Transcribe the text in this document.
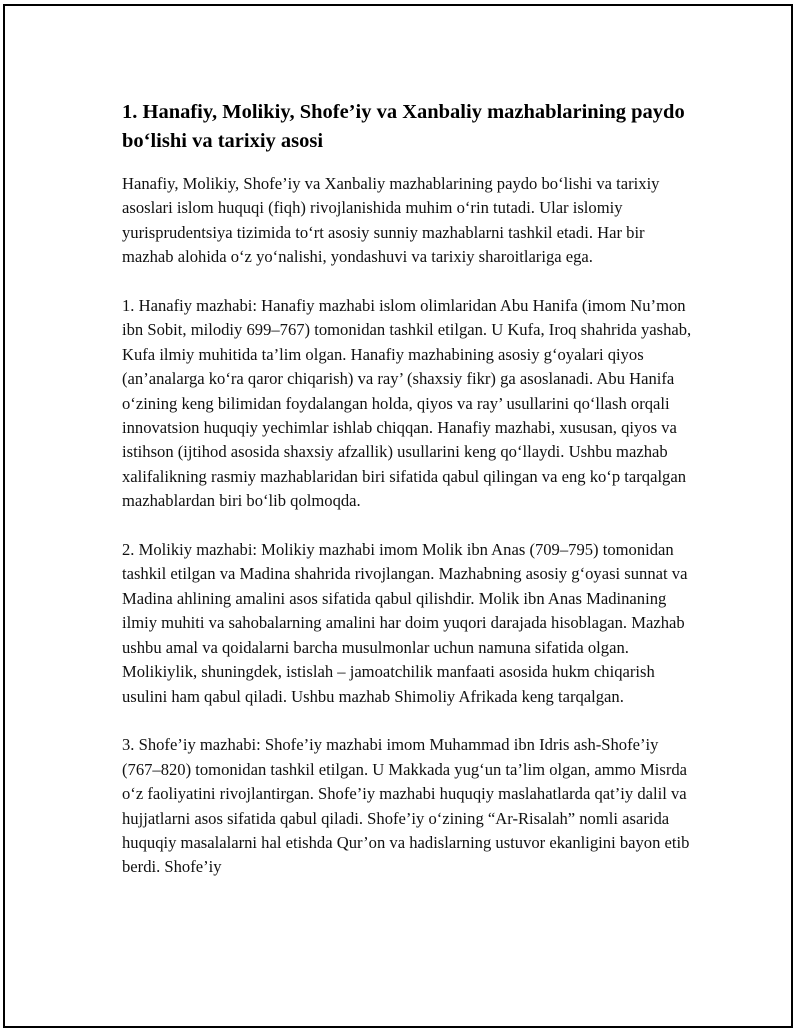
1. Hanafiy, Molikiy, Shofe’iy va Xanbaliy mazhablarining paydo bo‘lishi va tarixiy asosi

Hanafiy, Molikiy, Shofe’iy va Xanbaliy mazhablarining paydo bo‘lishi va tarixiy asoslari islom huquqi (fiqh) rivojlanishida muhim o‘rin tutadi. Ular islomiy yurisprudentsiya tizimida to‘rt asosiy sunniy mazhablarni tashkil etadi. Har bir mazhab alohida o‘z yo‘nalishi, yondashuvi va tarixiy sharoitlariga ega.

1. Hanafiy mazhabi: Hanafiy mazhabi islom olimlaridan Abu Hanifa (imom Nu’mon ibn Sobit, milodiy 699–767) tomonidan tashkil etilgan. U Kufa, Iroq shahrida yashab, Kufa ilmiy muhitida ta’lim olgan. Hanafiy mazhabining asosiy g‘oyalari qiyos (an’analarga ko‘ra qaror chiqarish) va ray’ (shaxsiy fikr) ga asoslanadi. Abu Hanifa o‘zining keng bilimidan foydalangan holda, qiyos va ray’ usullarini qo‘llash orqali innovatsion huquqiy yechimlar ishlab chiqqan. Hanafiy mazhabi, xususan, qiyos va istihson (ijtihod asosida shaxsiy afzallik) usullarini keng qo‘llaydi. Ushbu mazhab xalifalikning rasmiy mazhablaridan biri sifatida qabul qilingan va eng ko‘p tarqalgan mazhablardan biri bo‘lib qolmoqda.

2. Molikiy mazhabi: Molikiy mazhabi imom Molik ibn Anas (709–795) tomonidan tashkil etilgan va Madina shahrida rivojlangan. Mazhabning asosiy g‘oyasi sunnat va Madina ahlining amalini asos sifatida qabul qilishdir. Molik ibn Anas Madinaning ilmiy muhiti va sahobalarning amalini har doim yuqori darajada hisoblagan. Mazhab ushbu amal va qoidalarni barcha musulmonlar uchun namuna sifatida olgan. Molikiylik, shuningdek, istislah – jamoatchilik manfaati asosida hukm chiqarish usulini ham qabul qiladi. Ushbu mazhab Shimoliy Afrikada keng tarqalgan.

3. Shofe’iy mazhabi: Shofe’iy mazhabi imom Muhammad ibn Idris ash-Shofe’iy (767–820) tomonidan tashkil etilgan. U Makkada yug‘un ta’lim olgan, ammo Misrda o‘z faoliyatini rivojlantirgan. Shofe’iy mazhabi huquqiy maslahatlarda qat’iy dalil va hujjatlarni asos sifatida qabul qiladi. Shofe’iy o‘zining “Ar-Risalah” nomli asarida huquqiy masalalarni hal etishda Qur’on va hadislarning ustuvor ekanligini bayon etib berdi. Shofe’iy
